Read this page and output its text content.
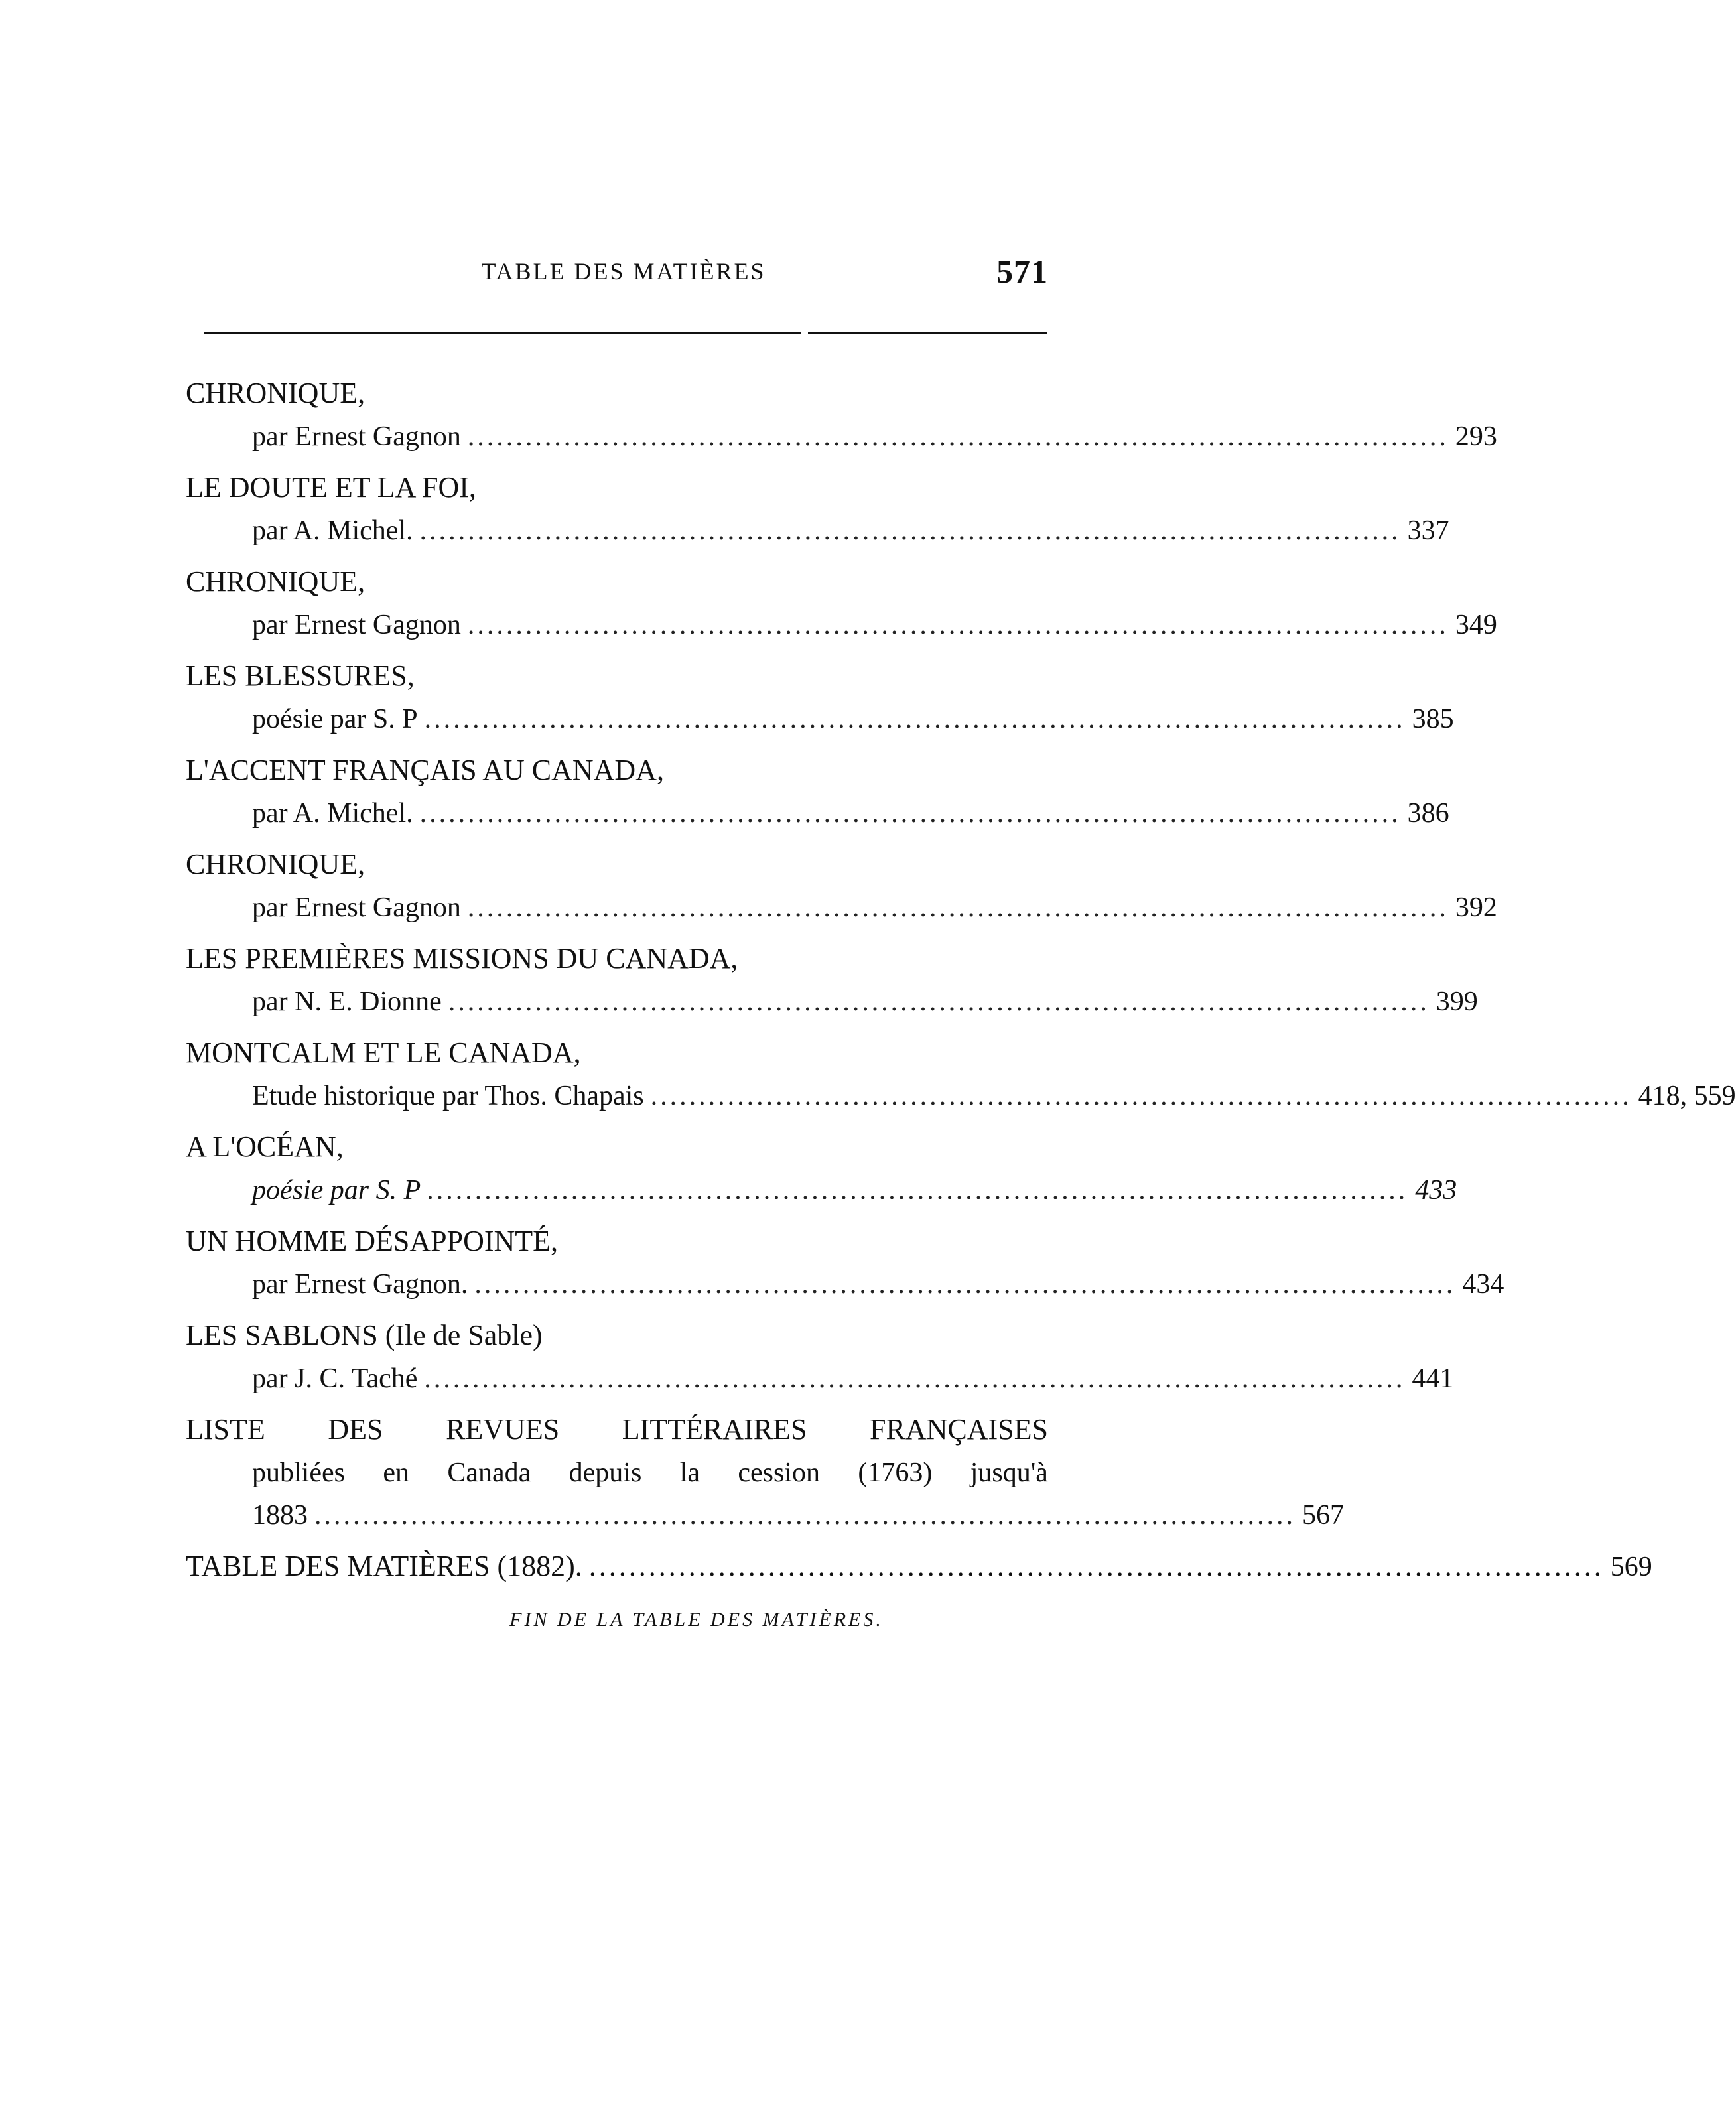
TABLE DES MATIÈRES	571
CHRONIQUE,
par Ernest Gagnon ...................................................................................................... 293
LE DOUTE ET LA FOI,
par A. Michel. ...................................................................................................... 337
CHRONIQUE,
par Ernest Gagnon ...................................................................................................... 349
LES BLESSURES,
poésie par S. P ...................................................................................................... 385
L'ACCENT FRANÇAIS AU CANADA,
par A. Michel. ...................................................................................................... 386
CHRONIQUE,
par Ernest Gagnon ...................................................................................................... 392
LES PREMIÈRES MISSIONS DU CANADA,
par N. E. Dionne ...................................................................................................... 399
MONTCALM ET LE CANADA,
Etude historique par Thos. Chapais ...................................................................................................... 418, 559
A L'OCÉAN,
poésie par S. P ...................................................................................................... 433
UN HOMME DÉSAPPOINTÉ,
par Ernest Gagnon. ...................................................................................................... 434
LES SABLONS (Ile de Sable)
par J. C. Taché ...................................................................................................... 441
LISTE DES REVUES LITTÉRAIRES FRANÇAISES
publiées en Canada depuis la cession (1763) jusqu'à
1883 ...................................................................................................... 567
TABLE DES MATIÈRES (1882). ...................................................................................................... 569
FIN DE LA TABLE DES MATIÈRES.
